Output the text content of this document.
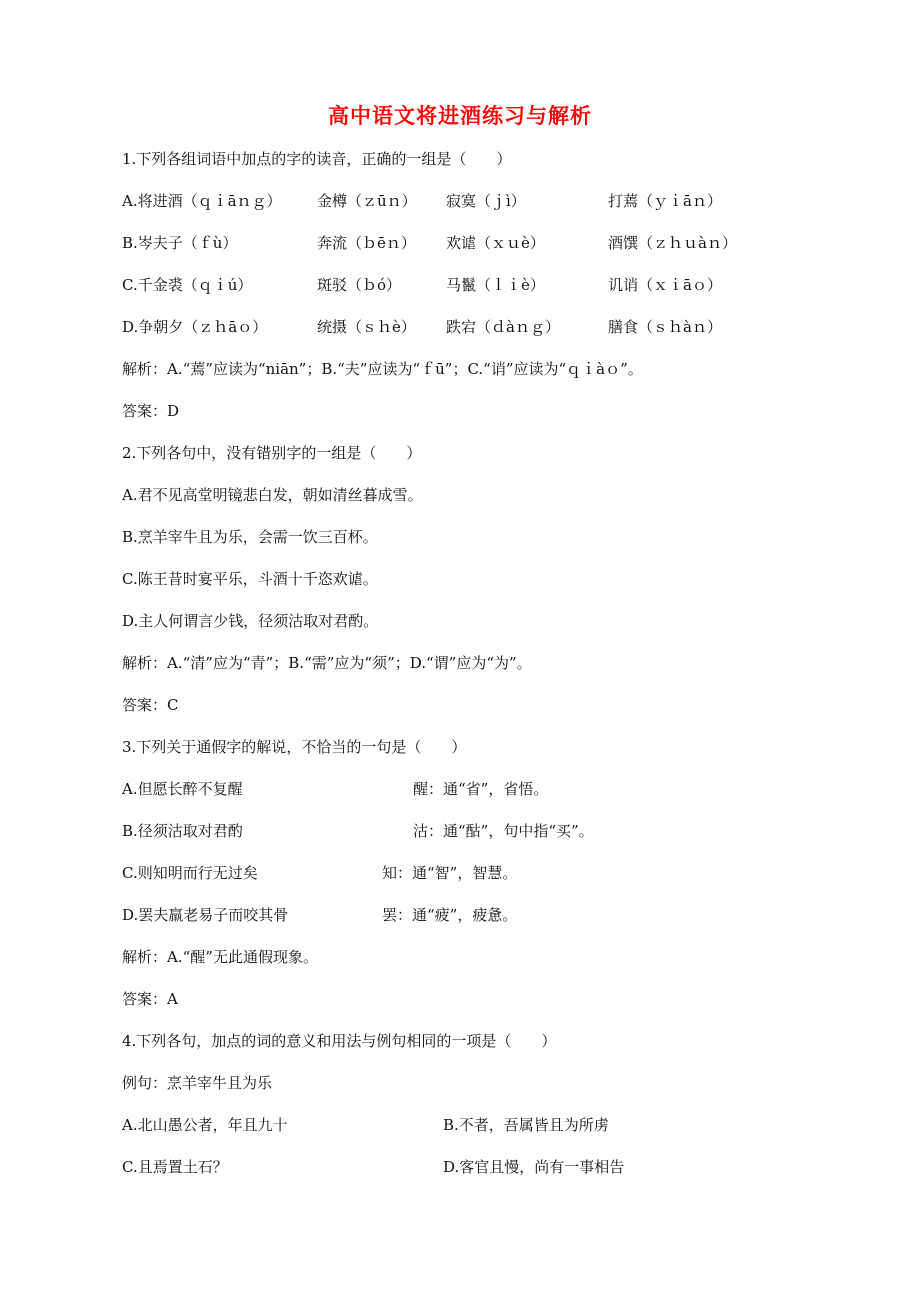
高中语文将进酒练习与解析
1.下列各组词语中加点的字的读音，正确的一组是（　　）
A.将进酒（ｑｉāｎｇ） 金樽（ｚūｎ） 寂寞（ｊì）	打蔫（ｙｉāｎ）
B.岑夫子（ｆù）	奔流（ｂēｎ） 欢谑（ｘｕè）	酒馔（ｚｈｕàｎ）
C.千金裘（ｑｉú）	斑驳（ｂó）	马鬣（ｌｉè）	讥诮（ｘｉāｏ）
D.争朝夕（ｚｈāｏ）	统摄（ｓｈè） 跌宕（ｄàｎｇ）	膳食（ｓｈàｎ）
解析：A.“蔫”应读为“niān”；B.“夫”应读为“ｆū”；C.“诮”应读为“ｑｉàｏ”。
答案：D
2.下列各句中，没有错别字的一组是（　　）
A.君不见高堂明镜悲白发，朝如清丝暮成雪。
B.烹羊宰牛且为乐，会需一饮三百杯。
C.陈王昔时宴平乐，斗酒十千恣欢谑。
D.主人何谓言少钱，径须沽取对君酌。
解析：A.“清”应为“青”；B.“需”应为“须”；D.“谓”应为“为”。
答案：C
3.下列关于通假字的解说，不恰当的一句是（　　）
A.但愿长醉不复醒	醒：通“省”，省悟。
B.径须沽取对君酌	沽：通“酤”，句中指“买”。
C.则知明而行无过矣	知：通“智”，智慧。
D.罢夫羸老易子而咬其骨	罢：通“疲”，疲惫。
解析：A.“醒”无此通假现象。
答案：A
4.下列各句，加点的词的意义和用法与例句相同的一项是（　　）
例句：烹羊宰牛且为乐
A.北山愚公者，年且九十	B.不者，吾属皆且为所虏
C.且焉置土石？	D.客官且慢，尚有一事相告
